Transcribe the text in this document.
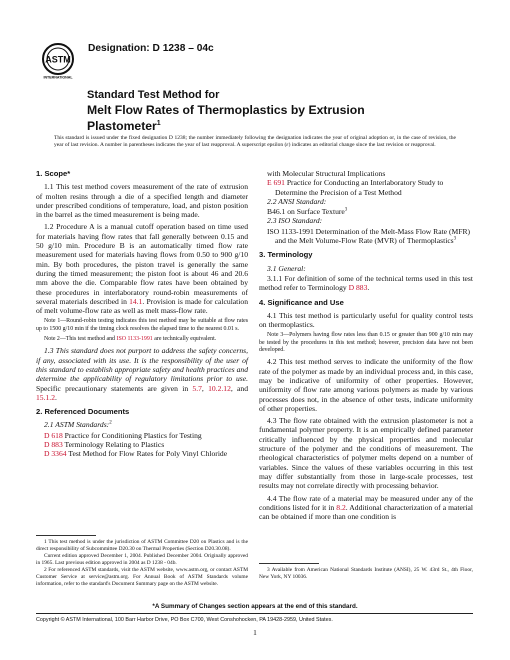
ASTM
INTERNATIONAL
Designation: D 1238 – 04c
Standard Test Method for
Melt Flow Rates of Thermoplastics by Extrusion
Plastometer$^1$
This standard is issued under the fixed designation D 1238; the number immediately following the designation indicates the year of original adoption or, in the case of revision, the year of last revision. A number in parentheses indicates the year of last reapproval. A superscript epsilon (ε) indicates an editorial change since the last revision or reapproval.
1. Scope*
1.1 This test method covers measurement of the rate of extrusion of molten resins through a die of a specified length and diameter under prescribed conditions of temperature, load, and piston position in the barrel as the timed measurement is being made.
1.2 Procedure A is a manual cutoff operation based on time used for materials having flow rates that fall generally between 0.15 and 50 g/10 min. Procedure B is an automatically timed flow rate measurement used for materials having flows from 0.50 to 900 g/10 min. By both procedures, the piston travel is generally the same during the timed measurement; the piston foot is about 46 and 20.6 mm above the die. Comparable flow rates have been obtained by these procedures in interlaboratory round-robin measurements of several materials described in 14.1. Provision is made for calculation of melt volume-flow rate as well as melt mass-flow rate.
Note 1—Round-robin testing indicates this test method may be suitable at flow rates up to 1500 g/10 min if the timing clock resolves the elapsed time to the nearest 0.01 s.
Note 2—This test method and ISO 1133-1991 are technically equivalent.
1.3 This standard does not purport to address the safety concerns, if any, associated with its use. It is the responsibility of the user of this standard to establish appropriate safety and health practices and determine the applicability of regulatory limitations prior to use. Specific precautionary statements are given in 5.7, 10.2.12, and 15.1.2.
2. Referenced Documents
2.1 ASTM Standards:$^2$
D 618 Practice for Conditioning Plastics for Testing
D 883 Terminology Relating to Plastics
D 3364 Test Method for Flow Rates for Poly Vinyl Chloride
1 This test method is under the jurisdiction of ASTM Committee D20 on Plastics and is the direct responsibility of Subcommittee D20.30 on Thermal Properties (Section D20.30.08).
Current edition approved December 1, 2004. Published December 2004. Originally approved in 1965. Last previous edition approved in 2004 as D 1238 - 04b.
2 For referenced ASTM standards, visit the ASTM website, www.astm.org, or contact ASTM Customer Service at service@astm.org. For Annual Book of ASTM Standards volume information, refer to the standard's Document Summary page on the ASTM website.
with Molecular Structural Implications
E 691 Practice for Conducting an Interlaboratory Study to Determine the Precision of a Test Method
2.2 ANSI Standard:
B46.1 on Surface Texture$^3$
2.3 ISO Standard:
ISO 1133-1991 Determination of the Melt-Mass Flow Rate (MFR) and the Melt Volume-Flow Rate (MVR) of Thermoplastics$^3$
3. Terminology
3.1 General:
3.1.1 For definition of some of the technical terms used in this test method refer to Terminology D 883.
4. Significance and Use
4.1 This test method is particularly useful for quality control tests on thermoplastics.
Note 3—Polymers having flow rates less than 0.15 or greater than 900 g/10 min may be tested by the procedures in this test method; however, precision data have not been developed.
4.2 This test method serves to indicate the uniformity of the flow rate of the polymer as made by an individual process and, in this case, may be indicative of uniformity of other properties. However, uniformity of flow rate among various polymers as made by various processes does not, in the absence of other tests, indicate uniformity of other properties.
4.3 The flow rate obtained with the extrusion plastometer is not a fundamental polymer property. It is an empirically defined parameter critically influenced by the physical properties and molecular structure of the polymer and the conditions of measurement. The rheological characteristics of polymer melts depend on a number of variables. Since the values of these variables occurring in this test may differ substantially from those in large-scale processes, test results may not correlate directly with processing behavior.
4.4 The flow rate of a material may be measured under any of the conditions listed for it in 8.2. Additional characterization of a material can be obtained if more than one condition is
3 Available from American National Standards Institute (ANSI), 25 W. 43rd St., 4th Floor, New York, NY 10036.
*A Summary of Changes section appears at the end of this standard.
Copyright © ASTM International, 100 Barr Harbor Drive, PO Box C700, West Conshohocken, PA 19428-2959, United States.
1
